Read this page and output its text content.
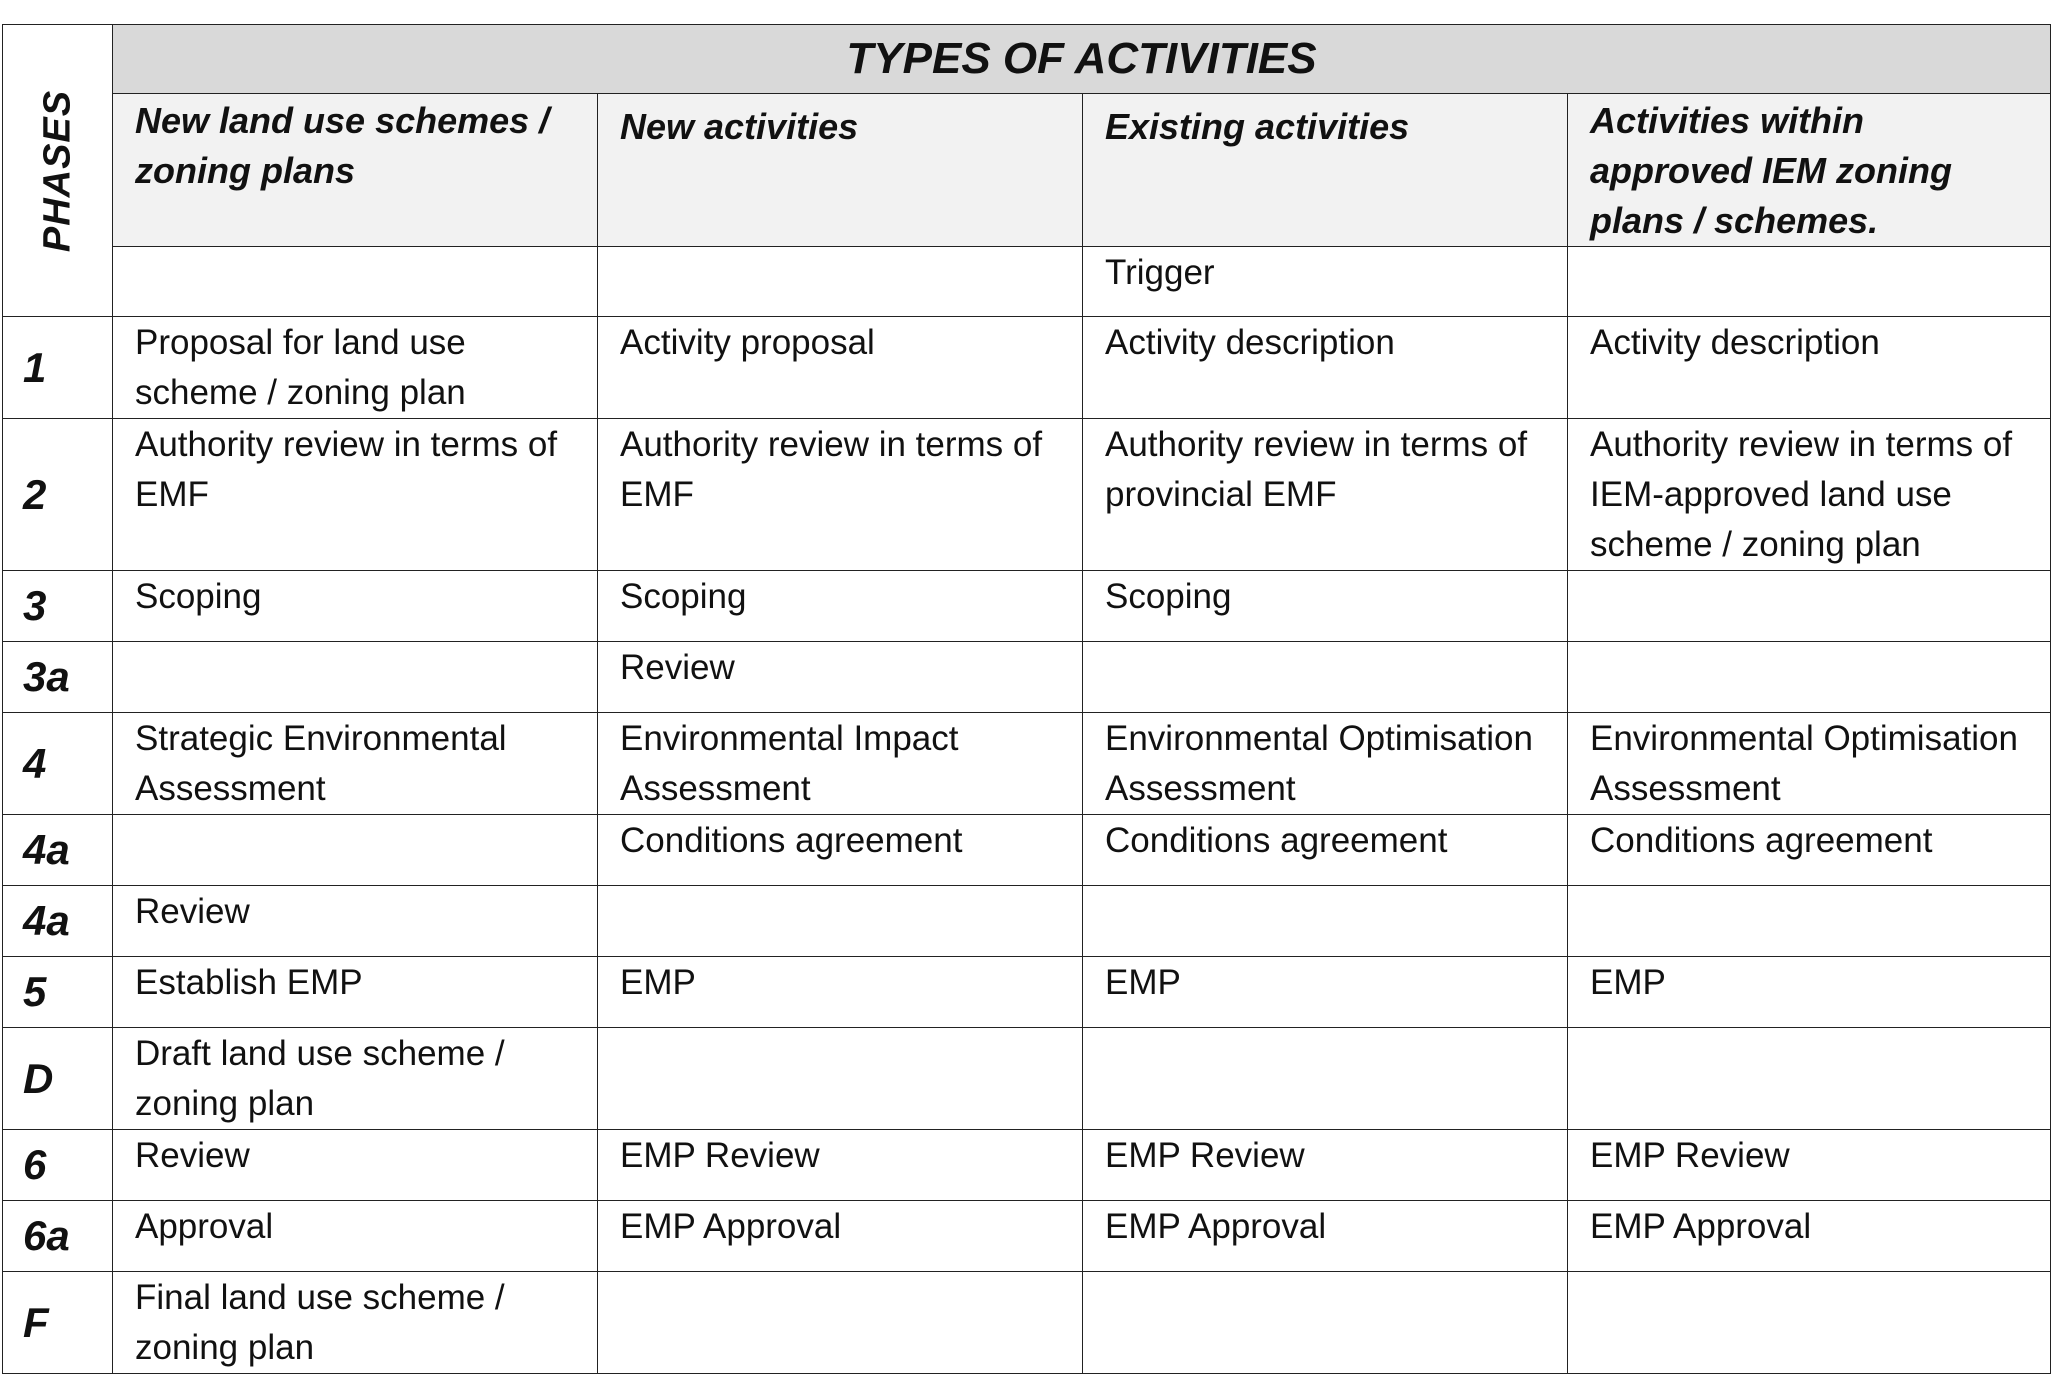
PHASES	TYPES OF ACTIVITIES			

	New land use schemes / zoning plans	New activities	Existing activities	Activities within approved IEM zoning plans / schemes.

			Trigger	
1	Proposal for land use scheme / zoning plan	Activity proposal	Activity description	Activity description
2	Authority review in terms of EMF	Authority review in terms of EMF	Authority review in terms of provincial EMF	Authority review in terms of IEM-approved land use scheme / zoning plan
3	Scoping	Scoping	Scoping	
3a		Review		
4	Strategic Environmental Assessment	Environmental Impact Assessment	Environmental Optimisation Assessment	Environmental Optimisation Assessment
4a		Conditions agreement	Conditions agreement	Conditions agreement
4a	Review			
5	Establish EMP	EMP	EMP	EMP
D	Draft land use scheme / zoning plan			
6	Review	EMP Review	EMP Review	EMP Review
6a	Approval	EMP Approval	EMP Approval	EMP Approval
F	Final land use scheme / zoning plan			
